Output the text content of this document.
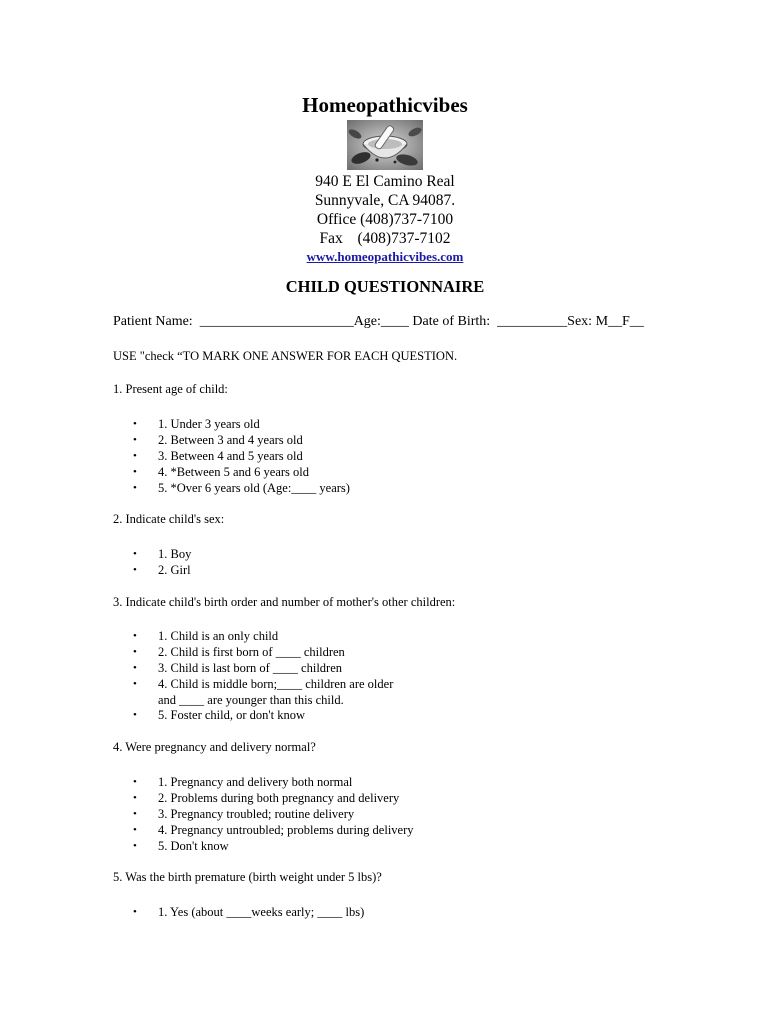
Homeopathicvibes

940 E El Camino Real
Sunnyvale, CA 94087.
Office (408)737-7100
Fax (408)737-7102
www.homeopathicvibes.com

CHILD QUESTIONNAIRE

Patient Name:  ______________________Age:____ Date of Birth:  __________Sex: M__F__
USE "check “TO MARK ONE ANSWER FOR EACH QUESTION.
1. Present age of child:
• 1. Under 3 years old
• 2. Between 3 and 4 years old
• 3. Between 4 and 5 years old
• 4. *Between 5 and 6 years old
• 5. *Over 6 years old (Age:____ years)
2. Indicate child's sex:
• 1. Boy
• 2. Girl
3. Indicate child's birth order and number of mother's other children:
• 1. Child is an only child
• 2. Child is first born of ____ children
• 3. Child is last born of ____ children
• 4. Child is middle born;____ children are older
and ____ are younger than this child.
• 5. Foster child, or don't know
4. Were pregnancy and delivery normal?
• 1. Pregnancy and delivery both normal
• 2. Problems during both pregnancy and delivery
• 3. Pregnancy troubled; routine delivery
• 4. Pregnancy untroubled; problems during delivery
• 5. Don't know
5. Was the birth premature (birth weight under 5 lbs)?
• 1. Yes (about ____weeks early; ____ lbs)
